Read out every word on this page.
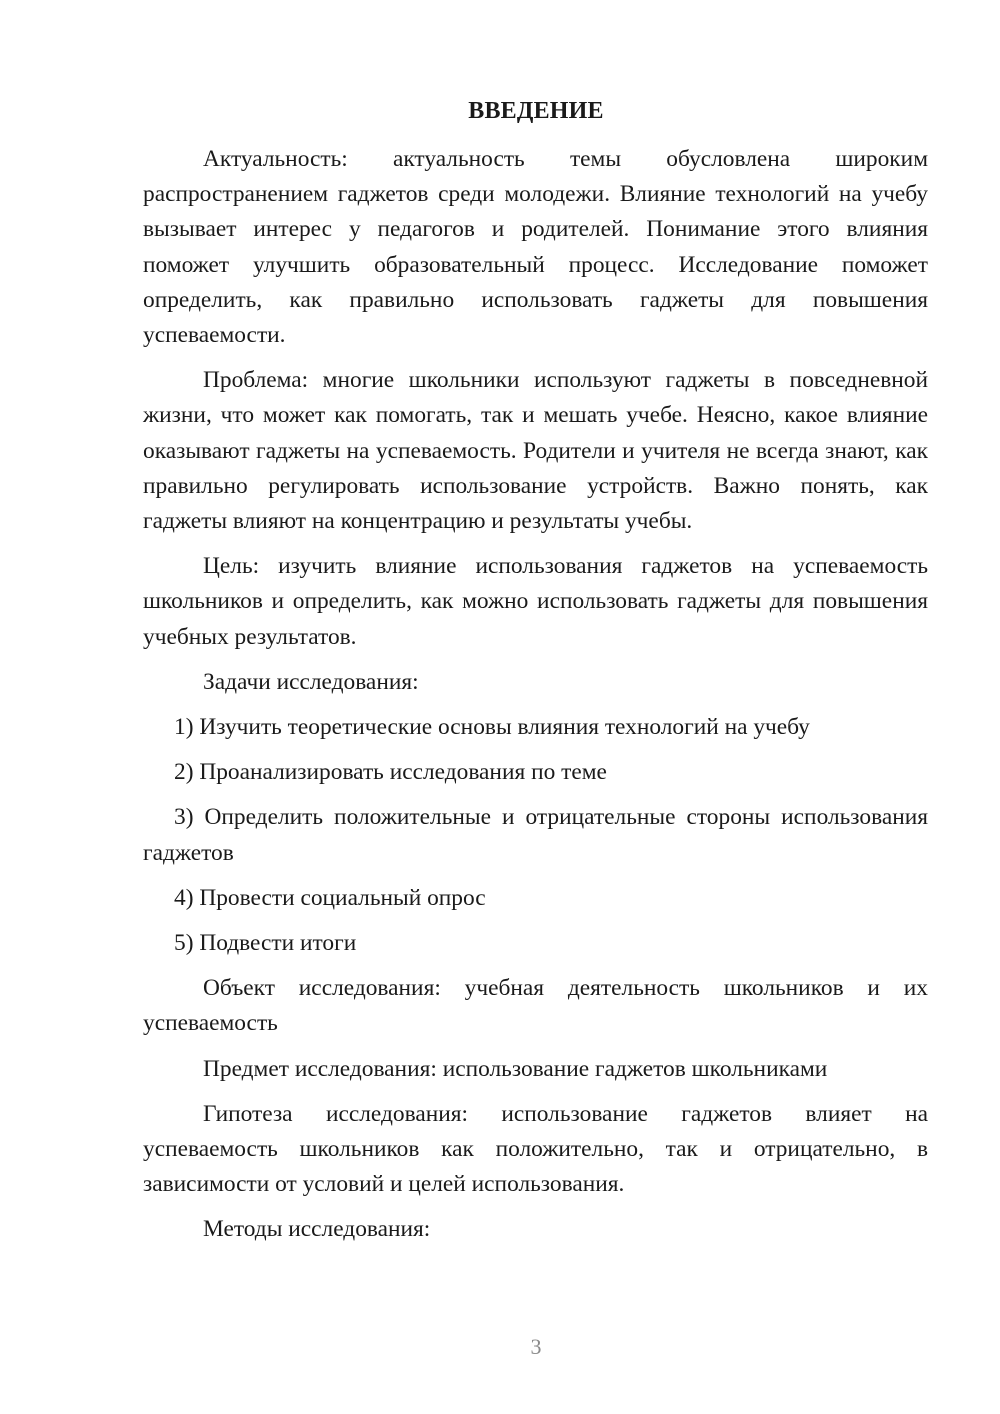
ВВЕДЕНИЕ

Актуальность: актуальность темы обусловлена широким распространением гаджетов среди молодежи. Влияние технологий на учебу вызывает интерес у педагогов и родителей. Понимание этого влияния поможет улучшить образовательный процесс. Исследование поможет определить, как правильно использовать гаджеты для повышения успеваемости.

Проблема: многие школьники используют гаджеты в повседневной жизни, что может как помогать, так и мешать учебе. Неясно, какое влияние оказывают гаджеты на успеваемость. Родители и учителя не всегда знают, как правильно регулировать использование устройств. Важно понять, как гаджеты влияют на концентрацию и результаты учебы.

Цель: изучить влияние использования гаджетов на успеваемость школьников и определить, как можно использовать гаджеты для повышения учебных результатов.

Задачи исследования:

1) Изучить теоретические основы влияния технологий на учебу

2) Проанализировать исследования по теме

3) Определить положительные и отрицательные стороны использования гаджетов

4) Провести социальный опрос

5) Подвести итоги

Объект исследования: учебная деятельность школьников и их успеваемость

Предмет исследования: использование гаджетов школьниками

Гипотеза исследования: использование гаджетов влияет на успеваемость школьников как положительно, так и отрицательно, в зависимости от условий и целей использования.

Методы исследования:

3
